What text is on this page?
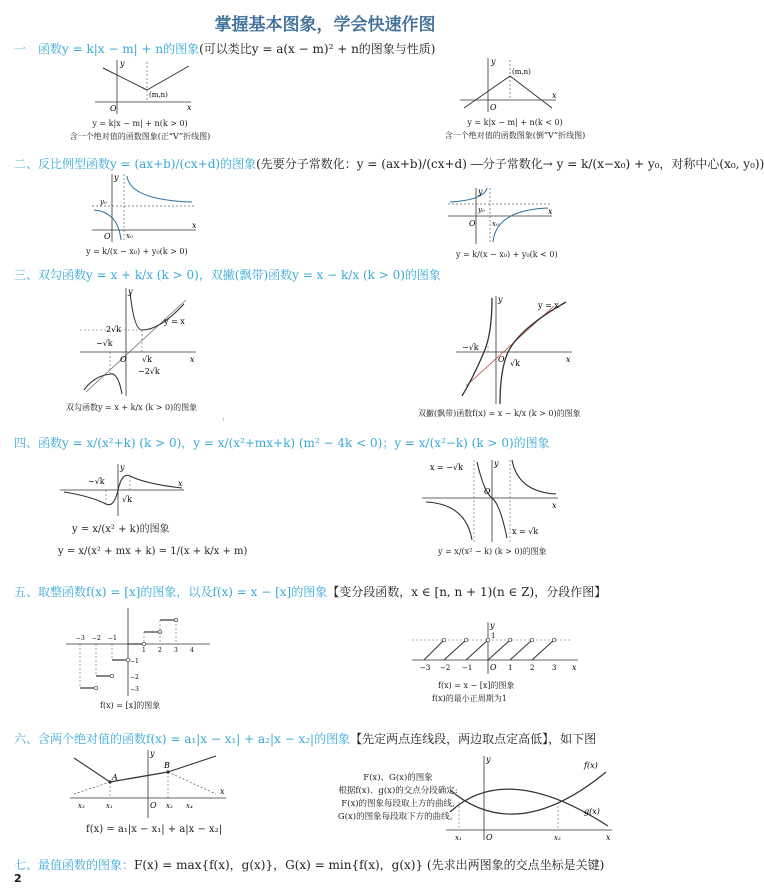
掌握基本图象，学会快速作图
一　函数y = k|x − m| + n的图象(可以类比y = a(x − m)² + n的图象与性质)
二、反比例型函数y = (ax+b)/(cx+d)的图象(先要分子常数化：y = (ax+b)/(cx+d) ―分子常数化→ y = k/(x−x₀) + y₀，对称中心(x₀, y₀))
三、双勾函数y = x + k/x (k > 0)，双撇(飘带)函数y = x − k/x (k > 0)的图象
四、函数y = x/(x²+k) (k > 0)，y = x/(x²+mx+k) (m² − 4k < 0)；y = x/(x²−k) (k > 0)的图象
五、取整函数f(x) = [x]的图象，以及f(x) = x − [x]的图象【变分段函数，x ∈ [n, n + 1)(n ∈ Z)，分段作图】
六、含两个绝对值的函数f(x) = a₁|x − x₁| + a₂|x − x₂|的图象【先定两点连线段，两边取点定高低】，如下图
七、最值函数的图象：F(x) = max{f(x)，g(x)}，G(x) = min{f(x)，g(x)} (先求出两图象的交点坐标是关键)
y
x
O
(m,n)
y = k|x − m| + n(k > 0)
含一个绝对值的函数图象(正“V”折线图)
y
x
O
(m,n)
y = k|x − m| + n(k < 0)
含一个绝对值的函数图象(倒“V”折线图)
y
x
O
y₀
x₀
y = k/(x − x₀) + y₀(k > 0)
y
x
O
y₀
x₀
y = k/(x − x₀) + y₀(k < 0)
y
x
O
2√k
−√k
√k
−2√k
y = x
双勾函数y = x + k/x (k > 0)的图象
y
x
O
−√k
√k
y = x
双撇(飘带)函数f(x) = x − k/x (k > 0)的图象
'
y
x
−√k
√k
y = x/(x² + k)的图象
y = x/(x² + mx + k) = 1/(x + k/x + m)
y
x
O
x = −√k
x = √k
y = x/(x² − k) (k > 0)的图象
−3 −2 −1
1 2 3 4
−1
−2
−3
f(x) = [x]的图象
y
x
O
1
−3 −2 −1	1	2	3
f(x) = x − [x]的图象
f(x)的最小正周期为1
y
x
O
A
B
x₃	x₁	x₂ x₄
f(x) = a₁|x − x₁| + a|x − x₂|
F(x)、G(x)的图象
根据f(x)、g(x)的交点分段确定:
F(x)的图象每段取上方的曲线,
G(x)的图象每段取下方的曲线。
y
x
O
x₁	x₂
f(x)
g(x)
2
